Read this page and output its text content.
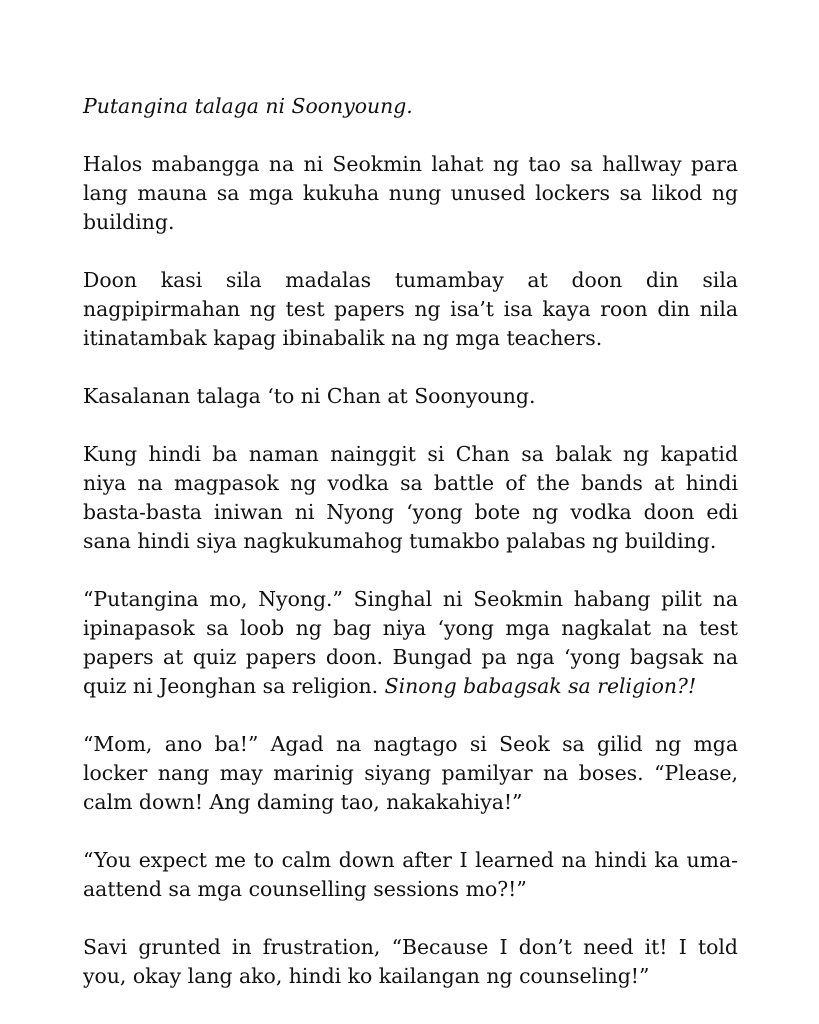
Putangina talaga ni Soonyoung.

Halos mabangga na ni Seokmin lahat ng tao sa hallway para lang mauna sa mga kukuha nung unused lockers sa likod ng building.

Doon kasi sila madalas tumambay at doon din sila nagpipirmahan ng test papers ng isa’t isa kaya roon din nila itinatambak kapag ibinabalik na ng mga teachers.

Kasalanan talaga ‘to ni Chan at Soonyoung.

Kung hindi ba naman nainggit si Chan sa balak ng kapatid niya na magpasok ng vodka sa battle of the bands at hindi basta-basta iniwan ni Nyong ‘yong bote ng vodka doon edi sana hindi siya nagkukumahog tumakbo palabas ng building.

“Putangina mo, Nyong.” Singhal ni Seokmin habang pilit na ipinapasok sa loob ng bag niya ‘yong mga nagkalat na test papers at quiz papers doon. Bungad pa nga ‘yong bagsak na quiz ni Jeonghan sa religion. Sinong babagsak sa religion?!

“Mom, ano ba!” Agad na nagtago si Seok sa gilid ng mga locker nang may marinig siyang pamilyar na boses. “Please, calm down! Ang daming tao, nakakahiya!”

“You expect me to calm down after I learned na hindi ka uma-aattend sa mga counselling sessions mo?!”

Savi grunted in frustration, “Because I don’t need it! I told you, okay lang ako, hindi ko kailangan ng counseling!”
